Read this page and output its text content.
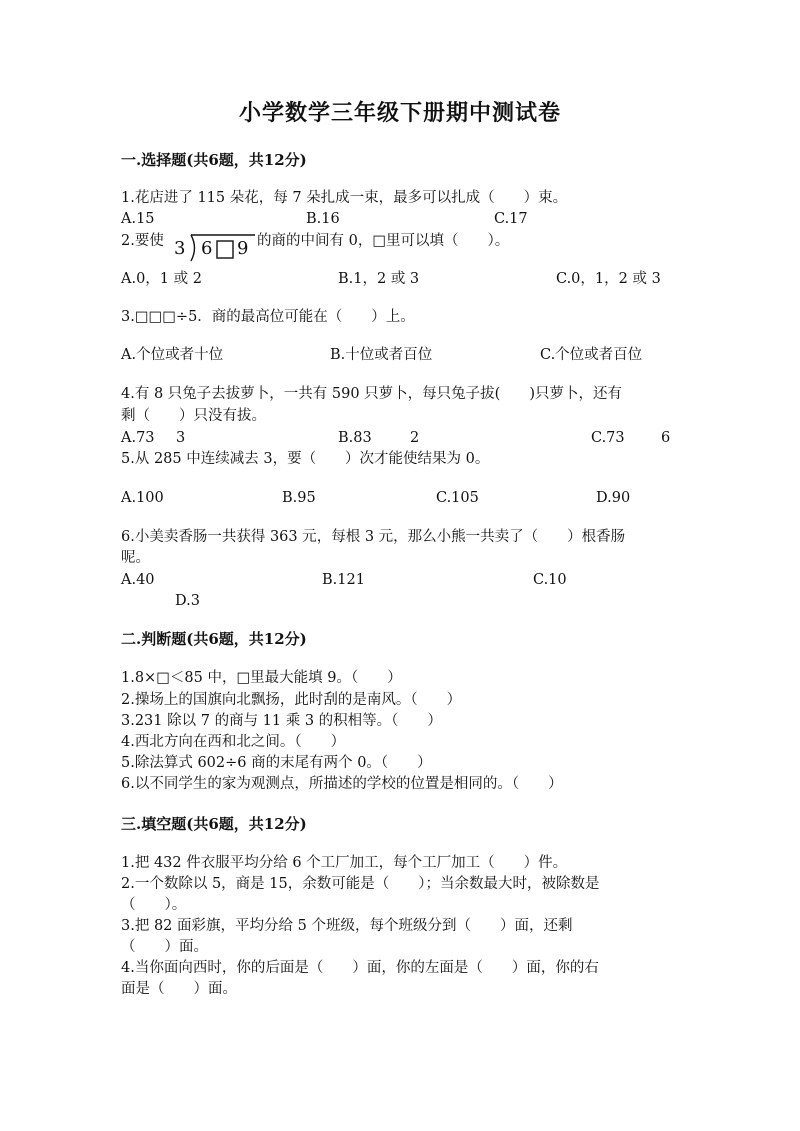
小学数学三年级下册期中测试卷
一.选择题(共6题，共12分)
1.花店进了 115 朵花，每 7 朵扎成一束，最多可以扎成（　　）束。
A.15	B.16	C.17
2.要使 3 6 9 的商的中间有 0，□里可以填（　　）。
A.0，1 或 2	B.1，2 或 3	C.0，1，2 或 3
3.□□□÷5．商的最高位可能在（　　）上。
A.个位或者十位	B.十位或者百位	C.个位或者百位
4.有 8 只兔子去拔萝卜，一共有 590 只萝卜，每只兔子拔(　　)只萝卜，还有
剩（　　）只没有拔。
A.73 3	B.83	2	C.73	6
5.从 285 中连续减去 3，要（　　）次才能使结果为 0。
A.100	B.95	C.105	D.90
6.小美卖香肠一共获得 363 元，每根 3 元，那么小熊一共卖了（　　）根香肠
呢。
A.40	B.121	C.10
D.3
二.判断题(共6题，共12分)
1.8×□＜85 中，□里最大能填 9。（　　）
2.操场上的国旗向北飘扬，此时刮的是南风。（　　）
3.231 除以 7 的商与 11 乘 3 的积相等。（　　）
4.西北方向在西和北之间。（　　）
5.除法算式 602÷6 商的末尾有两个 0。（　　）
6.以不同学生的家为观测点，所描述的学校的位置是相同的。（　　）
三.填空题(共6题，共12分)
1.把 432 件衣服平均分给 6 个工厂加工，每个工厂加工（　　）件。
2.一个数除以 5，商是 15，余数可能是（　　）；当余数最大时，被除数是
（　　）。
3.把 82 面彩旗，平均分给 5 个班级，每个班级分到（　　）面，还剩
（　　）面。
4.当你面向西时，你的后面是（　　）面，你的左面是（　　）面，你的右
面是（　　）面。
